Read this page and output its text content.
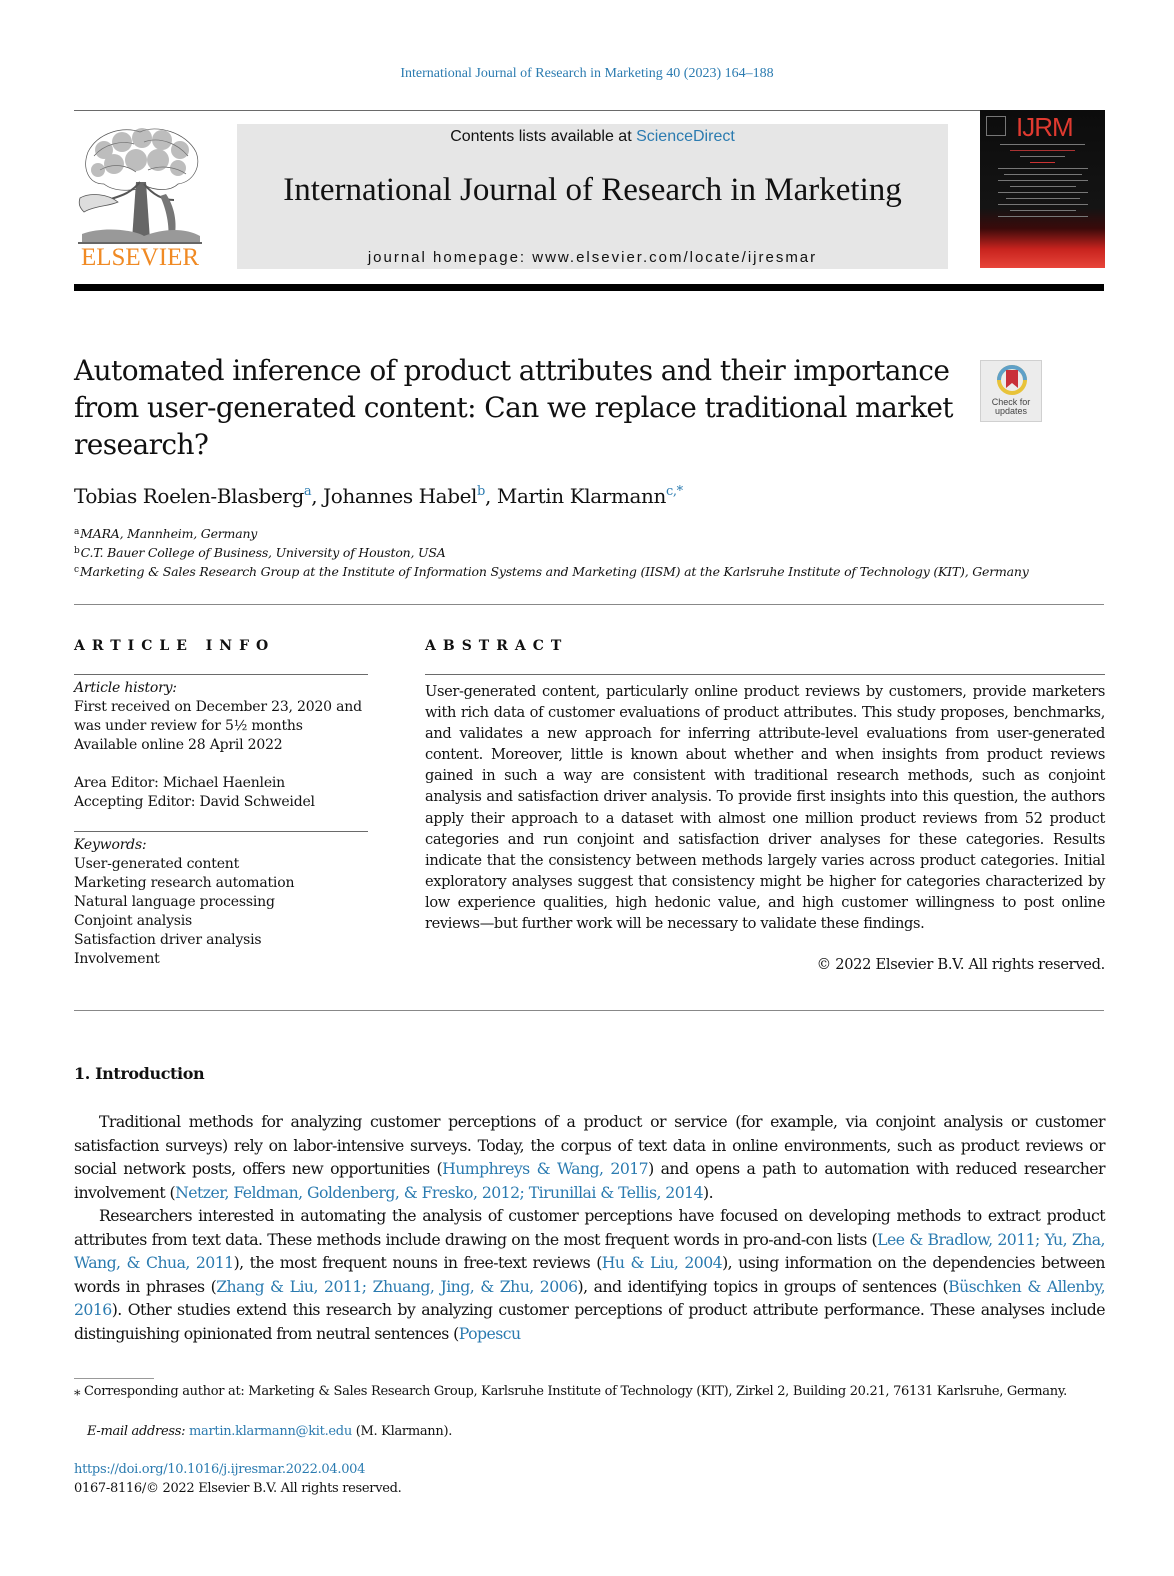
International Journal of Research in Marketing 40 (2023) 164–188
ELSEVIER
Contents lists available at ScienceDirect
International Journal of Research in Marketing
journal homepage: www.elsevier.com/locate/ijresmar
IJRM
Automated inference of product attributes and their importance from user-generated content: Can we replace traditional market research?
Check for
updates
Tobias Roelen-Blasberg$^a$, Johannes Habel$^b$, Martin Klarmann$^{c,*}$
$^a$MARA, Mannheim, Germany
$^b$C.T. Bauer College of Business, University of Houston, USA
$^c$Marketing & Sales Research Group at the Institute of Information Systems and Marketing (IISM) at the Karlsruhe Institute of Technology (KIT), Germany
ARTICLE INFO
Article history:
First received on December 23, 2020 and
was under review for 5½ months
Available online 28 April 2022
Area Editor: Michael Haenlein
Accepting Editor: David Schweidel
Keywords:
User-generated content
Marketing research automation
Natural language processing
Conjoint analysis
Satisfaction driver analysis
Involvement
ABSTRACT
User-generated content, particularly online product reviews by customers, provide marketers with rich data of customer evaluations of product attributes. This study proposes, benchmarks, and validates a new approach for inferring attribute-level evaluations from user-generated content. Moreover, little is known about whether and when insights from product reviews gained in such a way are consistent with traditional research methods, such as conjoint analysis and satisfaction driver analysis. To provide first insights into this question, the authors apply their approach to a dataset with almost one million product reviews from 52 product categories and run conjoint and satisfaction driver analyses for these categories. Results indicate that the consistency between methods largely varies across product categories. Initial exploratory analyses suggest that consistency might be higher for categories characterized by low experience qualities, high hedonic value, and high customer willingness to post online reviews—but further work will be necessary to validate these findings.
© 2022 Elsevier B.V. All rights reserved.
1. Introduction

Traditional methods for analyzing customer perceptions of a product or service (for example, via conjoint analysis or customer satisfaction surveys) rely on labor-intensive surveys. Today, the corpus of text data in online environments, such as product reviews or social network posts, offers new opportunities (Humphreys & Wang, 2017) and opens a path to automation with reduced researcher involvement (Netzer, Feldman, Goldenberg, & Fresko, 2012; Tirunillai & Tellis, 2014).

Researchers interested in automating the analysis of customer perceptions have focused on developing methods to extract product attributes from text data. These methods include drawing on the most frequent words in pro-and-con lists (Lee & Bradlow, 2011; Yu, Zha, Wang, & Chua, 2011), the most frequent nouns in free-text reviews (Hu & Liu, 2004), using information on the dependencies between words in phrases (Zhang & Liu, 2011; Zhuang, Jing, & Zhu, 2006), and identifying topics in groups of sentences (Büschken & Allenby, 2016). Other studies extend this research by analyzing customer perceptions of product attribute performance. These analyses include distinguishing opinionated from neutral sentences (Popescu

⁎ Corresponding author at: Marketing & Sales Research Group, Karlsruhe Institute of Technology (KIT), Zirkel 2, Building 20.21, 76131 Karlsruhe, Germany.
E-mail address: martin.klarmann@kit.edu (M. Klarmann).
https://doi.org/10.1016/j.ijresmar.2022.04.004
0167-8116/© 2022 Elsevier B.V. All rights reserved.
